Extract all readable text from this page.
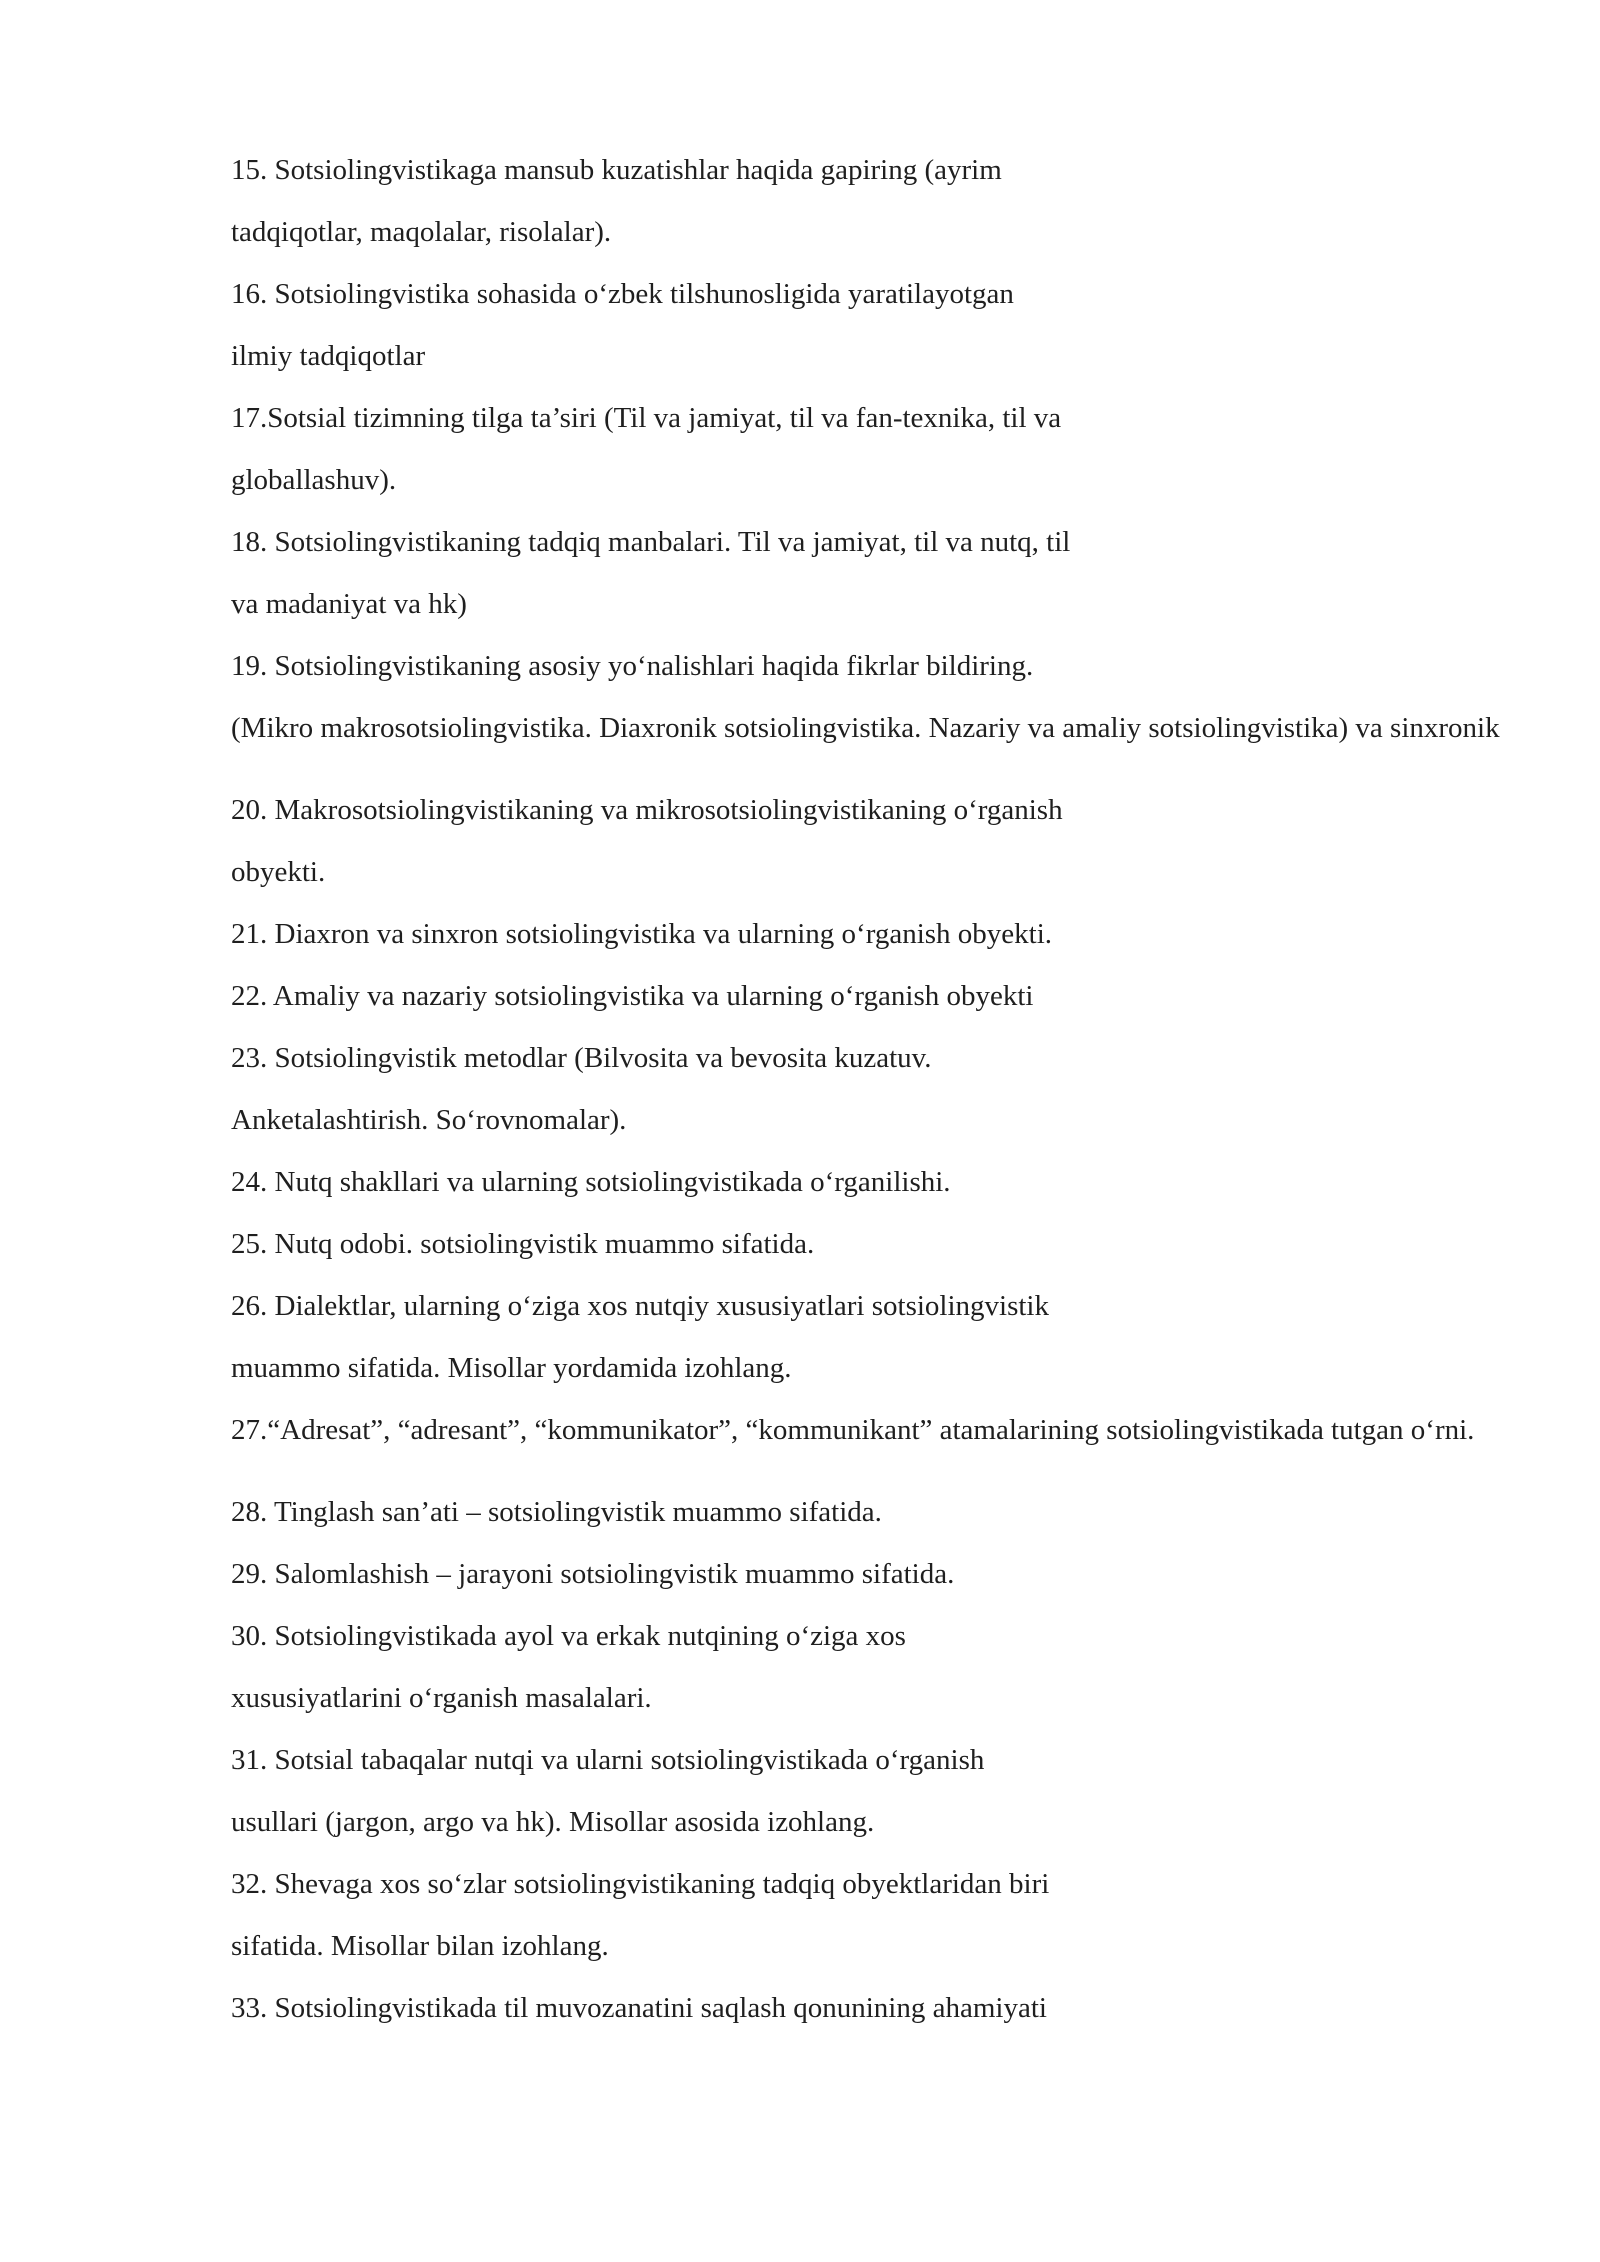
15. Sotsiolingvistikaga mansub kuzatishlar haqida gapiring (ayrim
tadqiqotlar, maqolalar, risolalar).
16. Sotsiolingvistika sohasida o‘zbek tilshunosligida yaratilayotgan
ilmiy tadqiqotlar
17.Sotsial tizimning tilga ta’siri (Til va jamiyat, til va fan-texnika, til va
globallashuv).
18. Sotsiolingvistikaning tadqiq manbalari. Til va jamiyat, til va nutq, til
va madaniyat va hk)
19. Sotsiolingvistikaning asosiy yo‘nalishlari haqida fikrlar bildiring.
(Mikro makrosotsiolingvistika. Diaxronik sotsiolingvistika. Nazariy va amaliy sotsiolingvistika) va sinxronik
20. Makrosotsiolingvistikaning va mikrosotsiolingvistikaning o‘rganish
obyekti.
21. Diaxron va sinxron sotsiolingvistika va ularning o‘rganish obyekti.
22. Amaliy va nazariy sotsiolingvistika va ularning o‘rganish obyekti
23. Sotsiolingvistik metodlar (Bilvosita va bevosita kuzatuv.
Anketalashtirish. So‘rovnomalar).
24. Nutq shakllari va ularning sotsiolingvistikada o‘rganilishi.
25. Nutq odobi. sotsiolingvistik muammo sifatida.
26. Dialektlar, ularning o‘ziga xos nutqiy xususiyatlari sotsiolingvistik
muammo sifatida. Misollar yordamida izohlang.
27.“Adresat”, “adresant”, “kommunikator”, “kommunikant” atamalarining sotsiolingvistikada tutgan o‘rni.
28. Tinglash san’ati – sotsiolingvistik muammo sifatida.
29. Salomlashish – jarayoni sotsiolingvistik muammo sifatida.
30. Sotsiolingvistikada ayol va erkak nutqining o‘ziga xos
xususiyatlarini o‘rganish masalalari.
31. Sotsial tabaqalar nutqi va ularni sotsiolingvistikada o‘rganish
usullari (jargon, argo va hk). Misollar asosida izohlang.
32. Shevaga xos so‘zlar sotsiolingvistikaning tadqiq obyektlaridan biri
sifatida. Misollar bilan izohlang.
33. Sotsiolingvistikada til muvozanatini saqlash qonunining ahamiyati
